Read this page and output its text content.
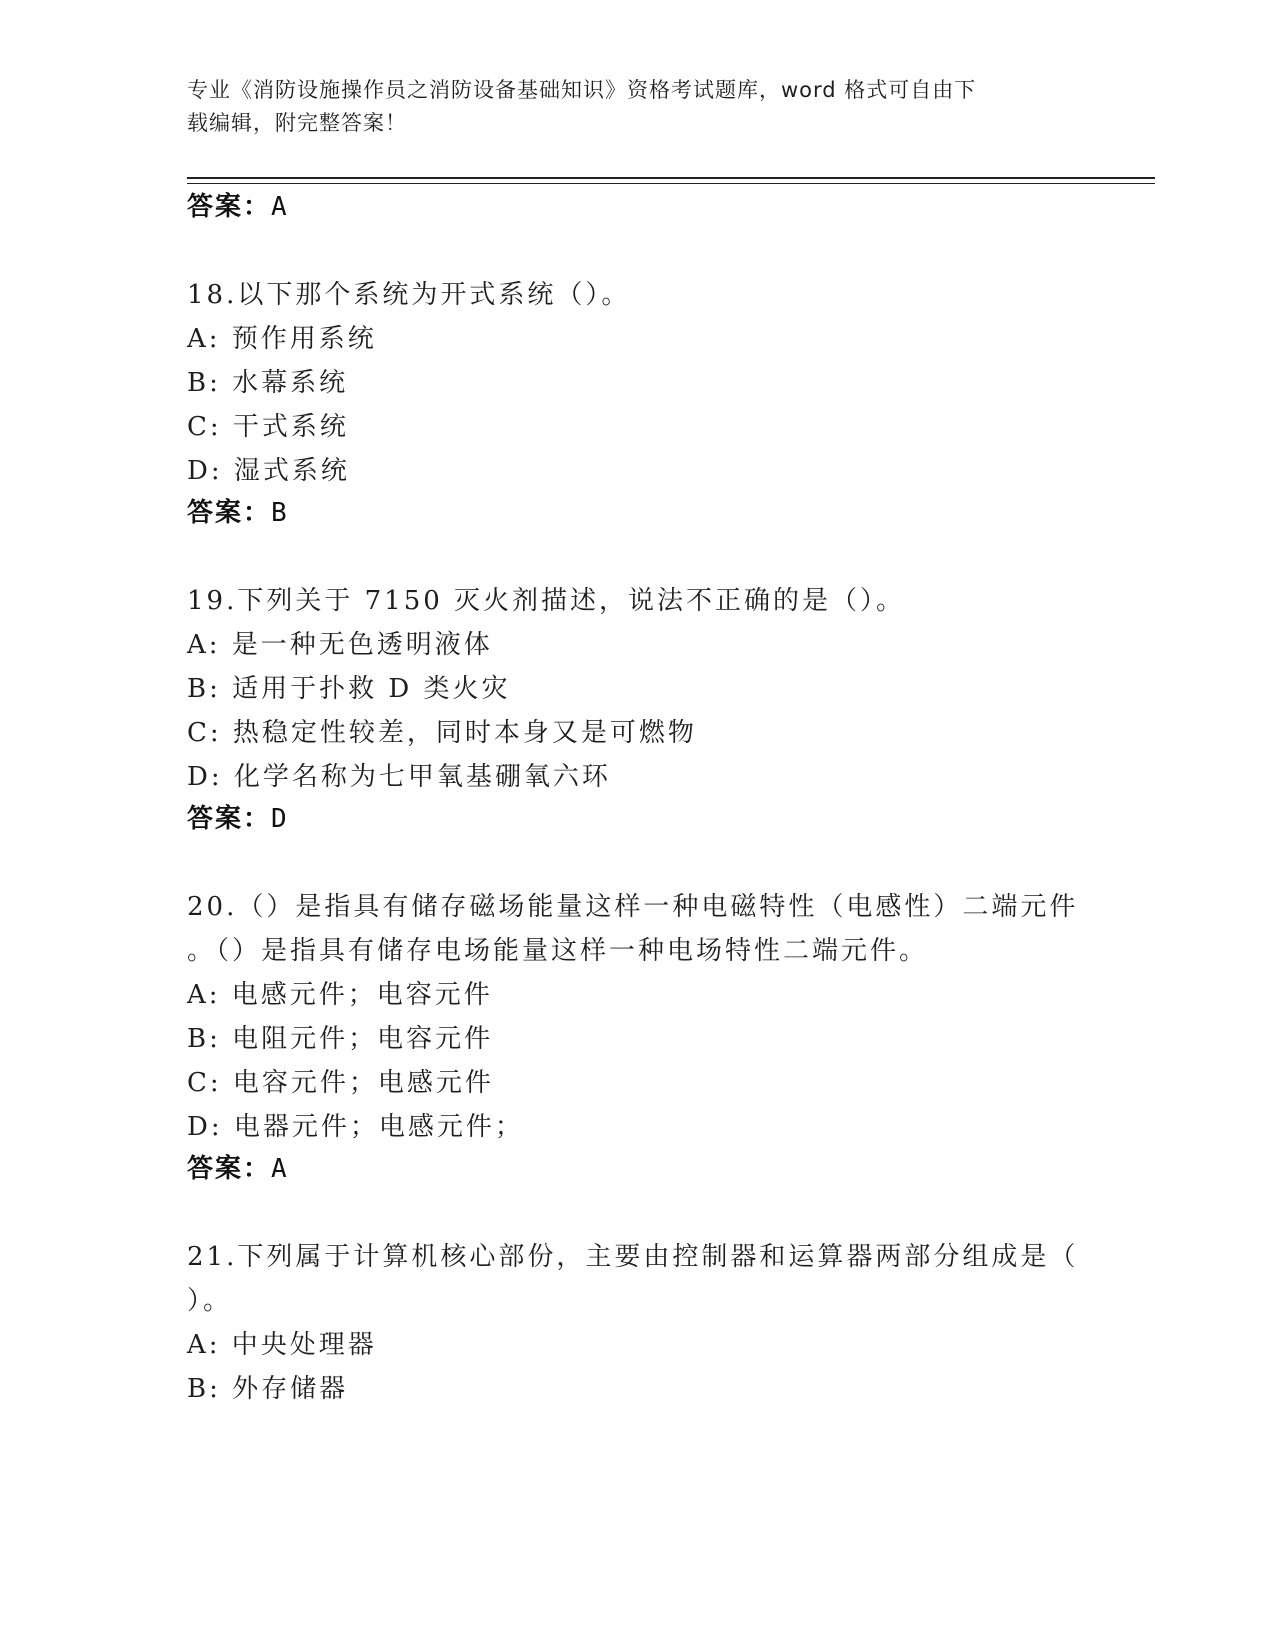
专业《消防设施操作员之消防设备基础知识》资格考试题库，word 格式可自由下
载编辑，附完整答案！
答案：A
18.以下那个系统为开式系统（）。
A: 预作用系统
B: 水幕系统
C: 干式系统
D: 湿式系统
答案：B
19.下列关于 7150 灭火剂描述，说法不正确的是（）。
A: 是一种无色透明液体
B: 适用于扑救 D 类火灾
C: 热稳定性较差，同时本身又是可燃物
D: 化学名称为七甲氧基硼氧六环
答案：D
20.（）是指具有储存磁场能量这样一种电磁特性（电感性）二端元件
。（）是指具有储存电场能量这样一种电场特性二端元件。
A: 电感元件；电容元件
B: 电阻元件；电容元件
C: 电容元件；电感元件
D: 电器元件；电感元件；
答案：A
21.下列属于计算机核心部份，主要由控制器和运算器两部分组成是（
）。
A: 中央处理器
B: 外存储器
